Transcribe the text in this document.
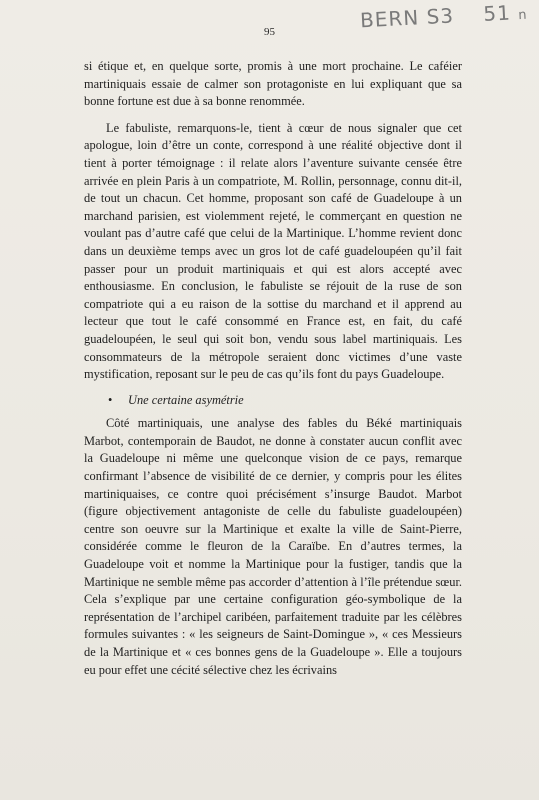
95	BERN S3 51 n

si étique et, en quelque sorte, promis à une mort prochaine. Le caféier martiniquais essaie de calmer son protagoniste en lui expliquant que sa bonne fortune est due à sa bonne renommée.

Le fabuliste, remarquons-le, tient à cœur de nous signaler que cet apologue, loin d’être un conte, correspond à une réalité objective dont il tient à porter témoignage : il relate alors l’aventure suivante censée être arrivée en plein Paris à un compatriote, M. Rollin, personnage, connu dit-il, de tout un chacun. Cet homme, proposant son café de Guadeloupe à un marchand parisien, est violemment rejeté, le commerçant en question ne voulant pas d’autre café que celui de la Martinique. L’homme revient donc dans un deuxième temps avec un gros lot de café guadeloupéen qu’il fait passer pour un produit martiniquais et qui est alors accepté avec enthousiasme. En conclusion, le fabuliste se réjouit de la ruse de son compatriote qui a eu raison de la sottise du marchand et il apprend au lecteur que tout le café consommé en France est, en fait, du café guadeloupéen, le seul qui soit bon, vendu sous label martiniquais. Les consommateurs de la métropole seraient donc victimes d’une vaste mystification, reposant sur le peu de cas qu’ils font du pays Guadeloupe.

• Une certaine asymétrie

Côté martiniquais, une analyse des fables du Béké martiniquais Marbot, contemporain de Baudot, ne donne à constater aucun conflit avec la Guadeloupe ni même une quelconque vision de ce pays, remarque confirmant l’absence de visibilité de ce dernier, y compris pour les élites martiniquaises, ce contre quoi précisément s’insurge Baudot. Marbot (figure objectivement antagoniste de celle du fabuliste guadeloupéen) centre son oeuvre sur la Martinique et exalte la ville de Saint-Pierre, considérée comme le fleuron de la Caraïbe. En d’autres termes, la Guadeloupe voit et nomme la Martinique pour la fustiger, tandis que la Martinique ne semble même pas accorder d’attention à l’île prétendue sœur. Cela s’explique par une certaine configuration géo-symbolique de la représentation de l’archipel caribéen, parfaitement traduite par les célèbres formules suivantes : « les seigneurs de Saint-Domingue », « ces Messieurs de la Martinique et « ces bonnes gens de la Guadeloupe ». Elle a toujours eu pour effet une cécité sélective chez les écrivains
